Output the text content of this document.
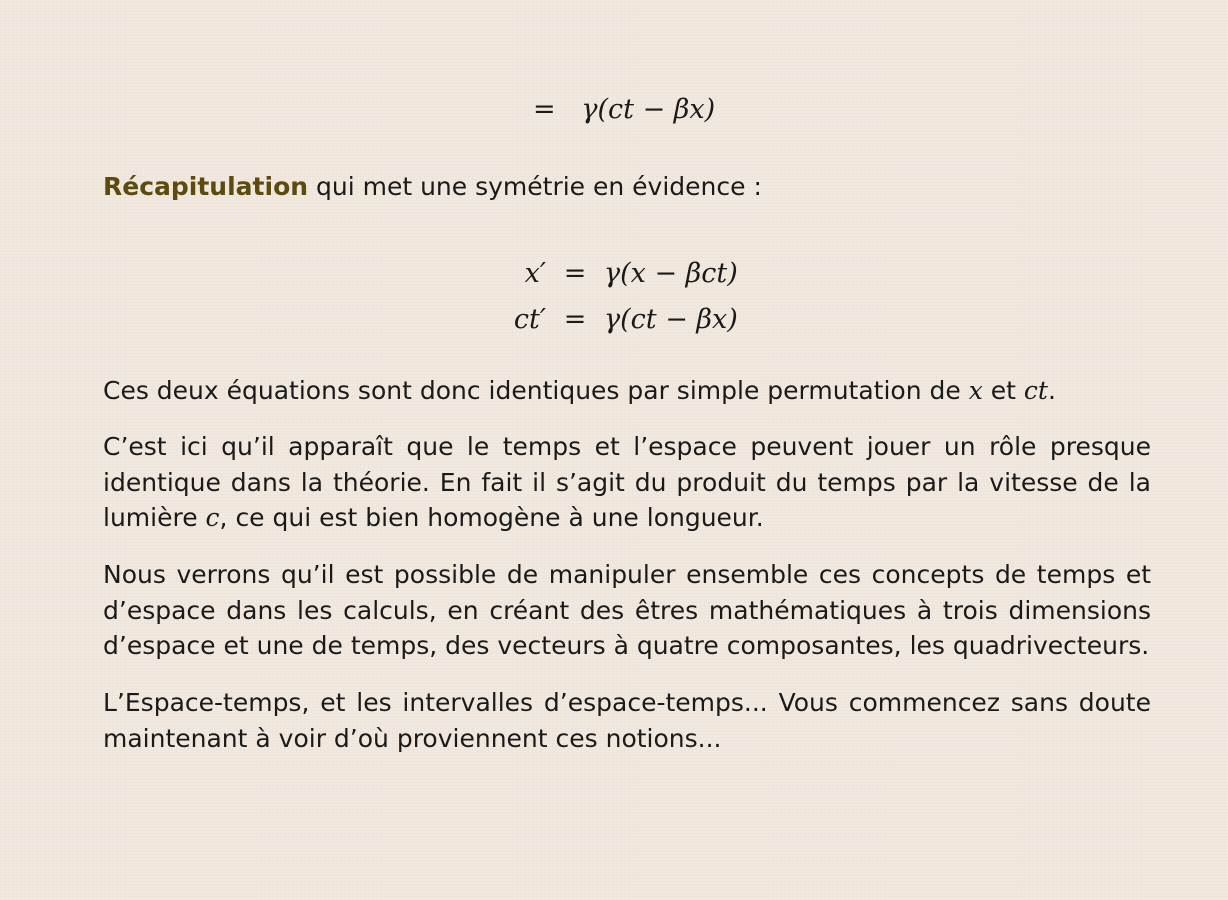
= γ(ct − βx)
Récapitulation qui met une symétrie en évidence :
x′ = γ(x − βct)
ct′ = γ(ct − βx)

Ces deux équations sont donc identiques par simple permutation de x et ct.

C’est ici qu’il apparaît que le temps et l’espace peuvent jouer un rôle presque identique dans la théorie. En fait il s’agit du produit du temps par la vitesse de la lumière c, ce qui est bien homogène à une longueur.

Nous verrons qu’il est possible de manipuler ensemble ces concepts de temps et d’espace dans les calculs, en créant des êtres mathématiques à trois dimensions d’espace et une de temps, des vecteurs à quatre composantes, les quadrivecteurs.

L’Espace-temps, et les intervalles d’espace-temps... Vous commencez sans doute maintenant à voir d’où proviennent ces notions...
